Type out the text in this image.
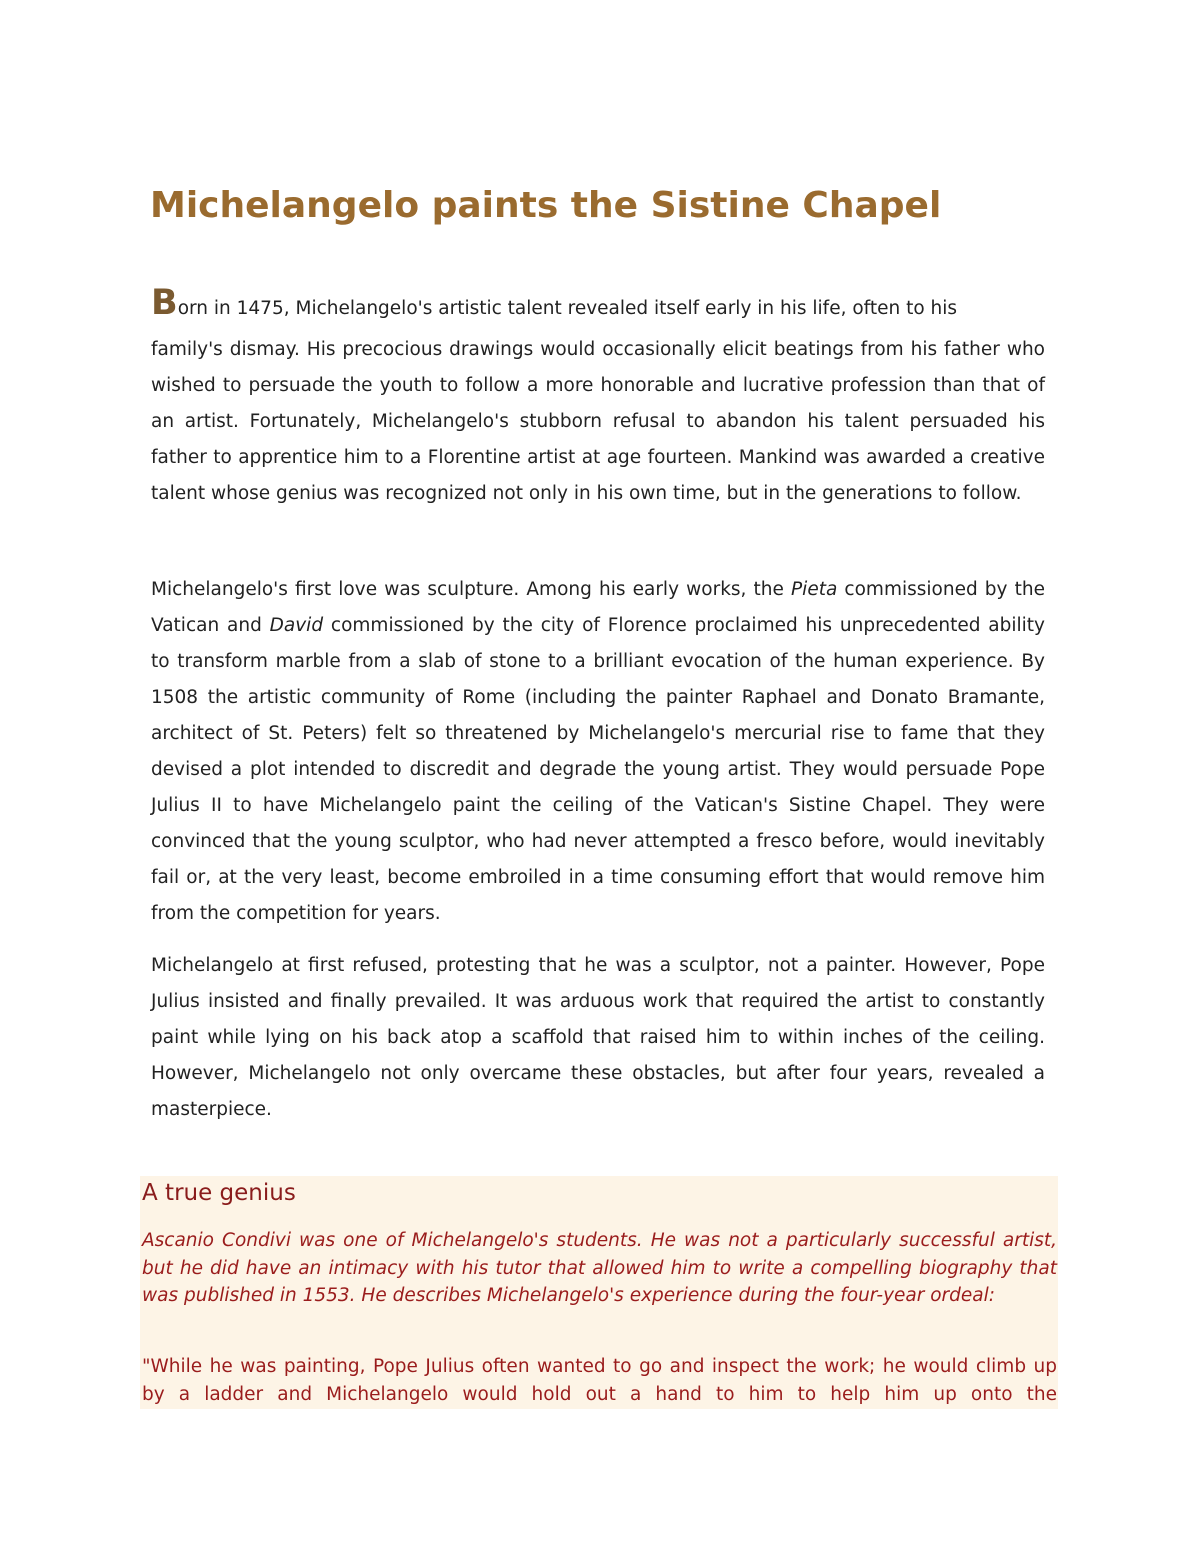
Michelangelo paints the Sistine Chapel

Born in 1475, Michelangelo's artistic talent revealed itself early in his life, often to his
family's dismay. His precocious drawings would occasionally elicit beatings from his father who wished to persuade the youth to follow a more honorable and lucrative profession than that of an artist. Fortunately, Michelangelo's stubborn refusal to abandon his talent persuaded his father to apprentice him to a Florentine artist at age fourteen. Mankind was awarded a creative talent whose genius was recognized not only in his own time, but in the generations to follow.

Michelangelo's first love was sculpture. Among his early works, the Pieta commissioned by the Vatican and David commissioned by the city of Florence proclaimed his unprecedented ability to transform marble from a slab of stone to a brilliant evocation of the human experience. By 1508 the artistic community of Rome (including the painter Raphael and Donato Bramante, architect of St. Peters) felt so threatened by Michelangelo's mercurial rise to fame that they devised a plot intended to discredit and degrade the young artist. They would persuade Pope Julius II to have Michelangelo paint the ceiling of the Vatican's Sistine Chapel. They were convinced that the young sculptor, who had never attempted a fresco before, would inevitably fail or, at the very least, become embroiled in a time consuming effort that would remove him from the competition for years.

Michelangelo at first refused, protesting that he was a sculptor, not a painter. However, Pope Julius insisted and finally prevailed. It was arduous work that required the artist to constantly paint while lying on his back atop a scaffold that raised him to within inches of the ceiling. However, Michelangelo not only overcame these obstacles, but after four years, revealed a masterpiece.

A true genius

Ascanio Condivi was one of Michelangelo's students. He was not a particularly successful artist, but he did have an intimacy with his tutor that allowed him to write a compelling biography that was published in 1553. He describes Michelangelo's experience during the four-year ordeal:

"While he was painting, Pope Julius often wanted to go and inspect the work; he would climb up by a ladder and Michelangelo would hold out a hand to him to help him up onto the
